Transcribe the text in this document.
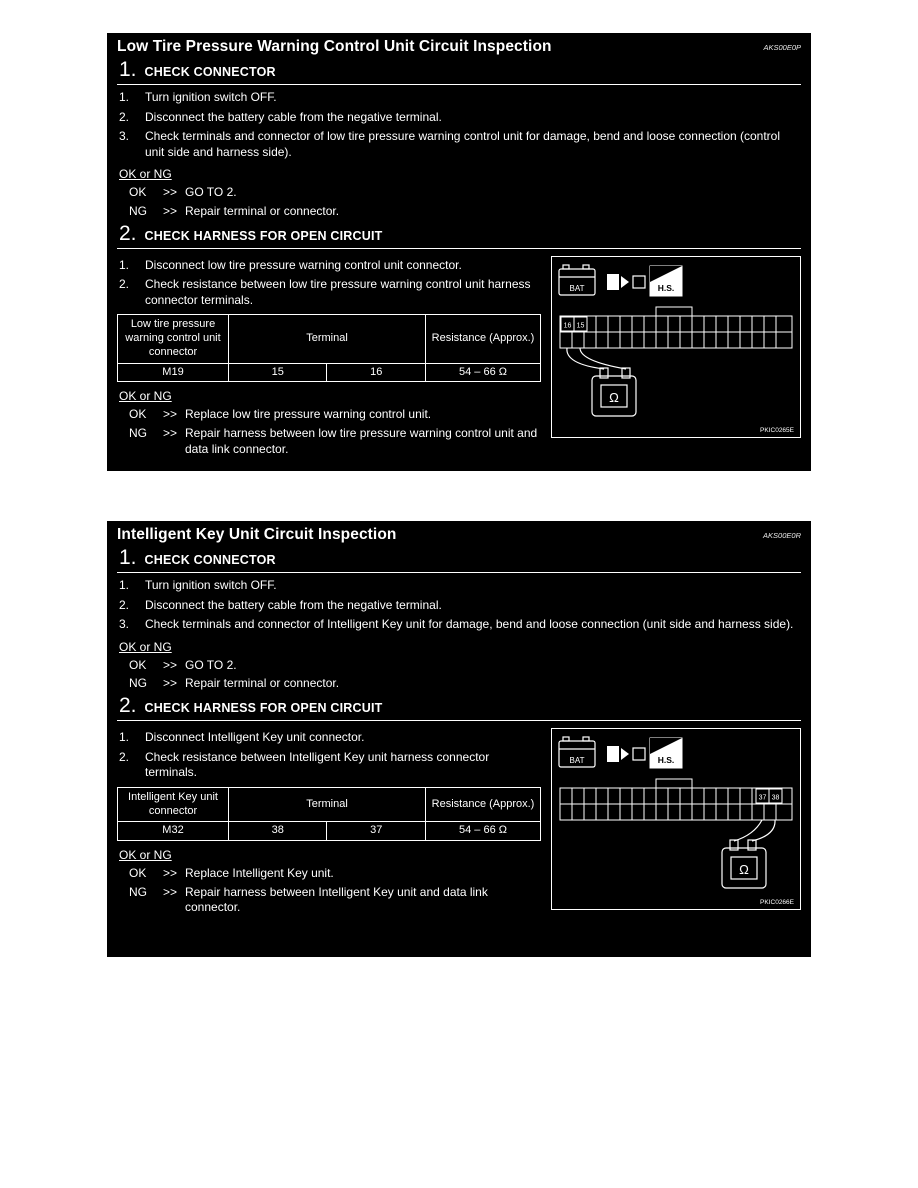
Low Tire Pressure Warning Control Unit Circuit Inspection	AKS00E0P
1. CHECK CONNECTOR
1.	Turn ignition switch OFF.
2.	Disconnect the battery cable from the negative terminal.
3.	Check terminals and connector of low tire pressure warning control unit for damage, bend and loose connection (control unit side and harness side).
OK or NG
OK	>> GO TO 2.
NG	>> Repair terminal or connector.
2. CHECK HARNESS FOR OPEN CIRCUIT
1.	Disconnect low tire pressure warning control unit connector.
2.	Check resistance between low tire pressure warning control unit harness connector terminals.
Low tire pressure warning control unit connector	Terminal		Resistance (Approx.)
M19	15	16	54 – 66 Ω
OK or NG
OK	>> Replace low tire pressure warning control unit.
NG	>> Repair harness between low tire pressure warning control unit and data link connector.
BAT	H.S.
16 15
Ω
PKIC0265E
Intelligent Key Unit Circuit Inspection	AKS00E0R
1. CHECK CONNECTOR
1.	Turn ignition switch OFF.
2.	Disconnect the battery cable from the negative terminal.
3.	Check terminals and connector of Intelligent Key unit for damage, bend and loose connection (unit side and harness side).
OK or NG
OK	>> GO TO 2.
NG	>> Repair terminal or connector.
2. CHECK HARNESS FOR OPEN CIRCUIT
1.	Disconnect Intelligent Key unit connector.
2.	Check resistance between Intelligent Key unit harness connector terminals.
Intelligent Key unit connector	Terminal		Resistance (Approx.)
M32	38	37	54 – 66 Ω
OK or NG
OK	>> Replace Intelligent Key unit.
NG	>> Repair harness between Intelligent Key unit and data link connector.
BAT	H.S.
37 38
Ω
PKIC0266E
